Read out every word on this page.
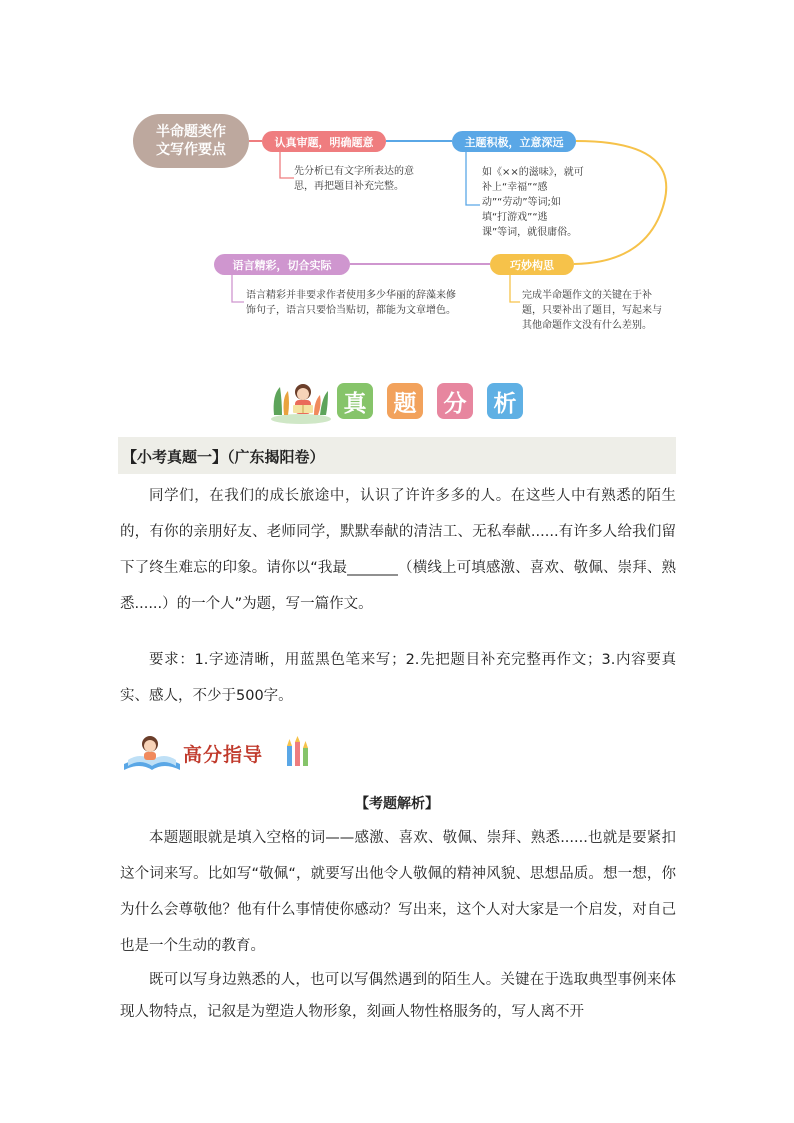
半命题类作
文写作要点	认真审题，明确题意
先分析已有文字所表达的意
思，再把题目补充完整。
主题积极，立意深远
如《××的滋味》，就可
补上“幸福”“感
动”“劳动”等词;如
填“打游戏”“逃
课”等词，就很庸俗。
巧妙构思
完成半命题作文的关键在于补
题，只要补出了题目，写起来与
其他命题作文没有什么差别。
语言精彩，切合实际
语言精彩并非要求作者使用多少华丽的辞藻来修
饰句子，语言只要恰当贴切，都能为文章增色。
真 题 分 析
【小考真题一】（广东揭阳卷）
同学们，在我们的成长旅途中，认识了许许多多的人。在这些人中有熟悉的陌生的，有你的亲朋好友、老师同学，默默奉献的清洁工、无私奉献......有许多人给我们留下了终生难忘的印象。请你以“我最_______（横线上可填感激、喜欢、敬佩、崇拜、熟悉......）的一个人”为题，写一篇作文。
要求：1.字迹清晰，用蓝黑色笔来写；2.先把题目补充完整再作文；3.内容要真实、感人，不少于500字。
高分指导
【考题解析】
本题题眼就是填入空格的词——感激、喜欢、敬佩、崇拜、熟悉......也就是要紧扣这个词来写。比如写“敬佩“，就要写出他令人敬佩的精神风貌、思想品质。想一想，你为什么会尊敬他？他有什么事情使你感动？写出来，这个人对大家是一个启发，对自己也是一个生动的教育。
既可以写身边熟悉的人，也可以写偶然遇到的陌生人。关键在于选取典型事例来体现人物特点，记叙是为塑造人物形象，刻画人物性格服务的，写人离不开
